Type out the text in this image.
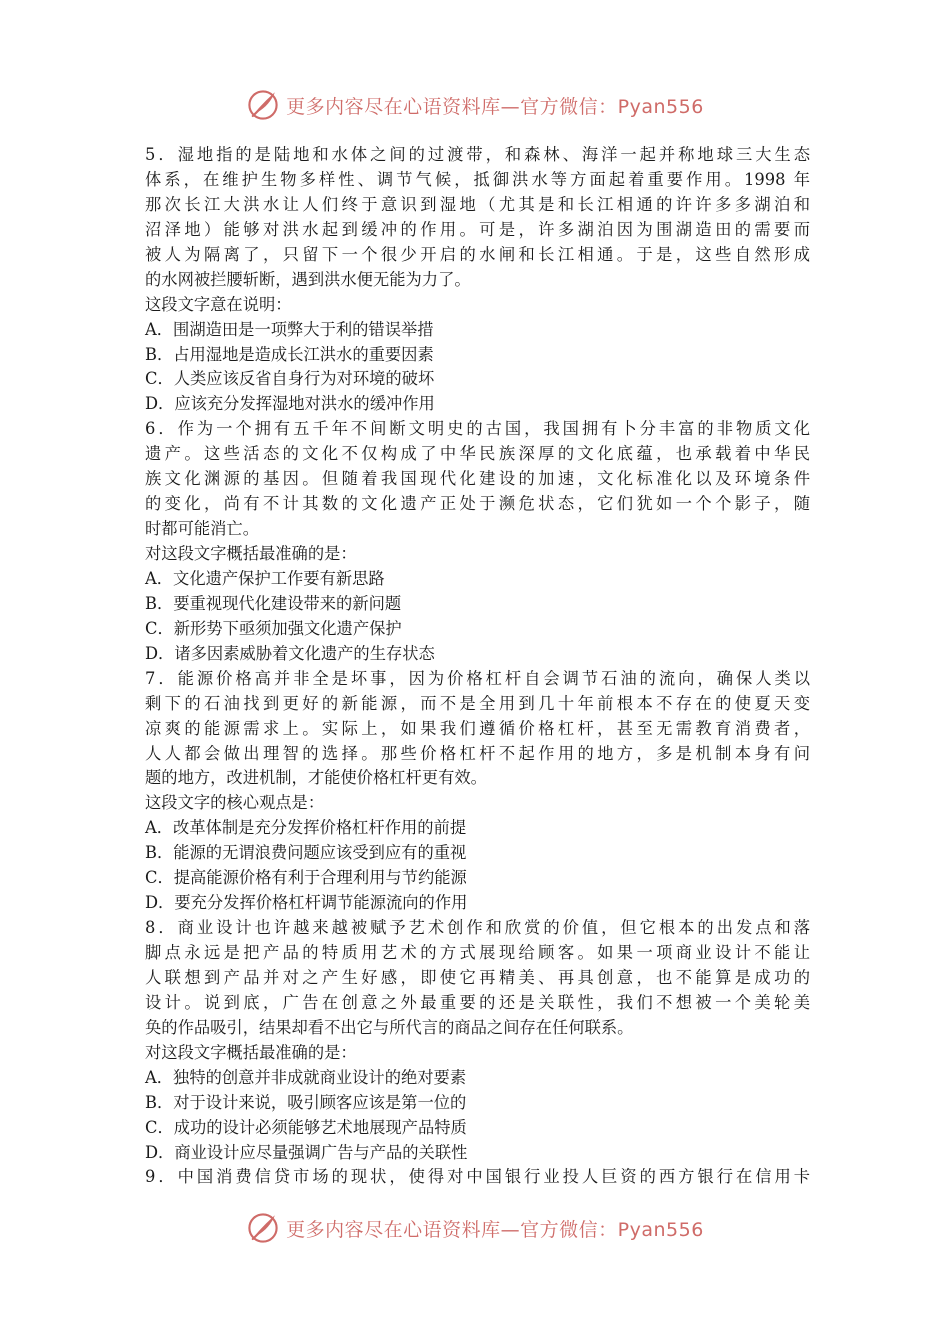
更多内容尽在心语资料库—官方微信：Pyan556
5．湿地指的是陆地和水体之间的过渡带，和森林、海洋一起并称地球三大生态
体系，在维护生物多样性、调节气候，抵御洪水等方面起着重要作用。1998 年
那次长江大洪水让人们终于意识到湿地（尤其是和长江相通的许许多多湖泊和
沼泽地）能够对洪水起到缓冲的作用。可是，许多湖泊因为围湖造田的需要而
被人为隔离了，只留下一个很少开启的水闸和长江相通。于是，这些自然形成
的水网被拦腰斩断，遇到洪水便无能为力了。
这段文字意在说明：
A．围湖造田是一项弊大于利的错误举措
B．占用湿地是造成长江洪水的重要因素
C．人类应该反省自身行为对环境的破坏
D．应该充分发挥湿地对洪水的缓冲作用
6．作为一个拥有五千年不间断文明史的古国，我国拥有卜分丰富的非物质文化
遗产。这些活态的文化不仅构成了中华民族深厚的文化底蕴，也承载着中华民
族文化渊源的基因。但随着我国现代化建设的加速，文化标准化以及环境条件
的变化，尚有不计其数的文化遗产正处于濒危状态，它们犹如一个个影子，随
时都可能消亡。
对这段文字概括最准确的是：
A．文化遗产保护工作要有新思路
B．要重视现代化建设带来的新问题
C．新形势下亟须加强文化遗产保护
D．诸多因素威胁着文化遗产的生存状态
7．能源价格高并非全是坏事，因为价格杠杆自会调节石油的流向，确保人类以
剩下的石油找到更好的新能源，而不是全用到几十年前根本不存在的使夏天变
凉爽的能源需求上。实际上，如果我们遵循价格杠杆，甚至无需教育消费者，
人人都会做出理智的选择。那些价格杠杆不起作用的地方，多是机制本身有问
题的地方，改进机制，才能使价格杠杆更有效。
这段文字的核心观点是：
A．改革体制是充分发挥价格杠杆作用的前提
B．能源的无谓浪费问题应该受到应有的重视
C．提高能源价格有利于合理利用与节约能源
D．要充分发挥价格杠杆调节能源流向的作用
8．商业设计也许越来越被赋予艺术创作和欣赏的价值，但它根本的出发点和落
脚点永远是把产品的特质用艺术的方式展现给顾客。如果一项商业设计不能让
人联想到产品并对之产生好感，即使它再精美、再具创意，也不能算是成功的
设计。说到底，广告在创意之外最重要的还是关联性，我们不想被一个美轮美
奂的作品吸引，结果却看不出它与所代言的商品之间存在任何联系。
对这段文字概括最准确的是：
A．独特的创意并非成就商业设计的绝对要素
B．对于设计来说，吸引顾客应该是第一位的
C．成功的设计必须能够艺术地展现产品特质
D．商业设计应尽量强调广告与产品的关联性
9．中国消费信贷市场的现状，使得对中国银行业投人巨资的西方银行在信用卡
更多内容尽在心语资料库—官方微信：Pyan556
